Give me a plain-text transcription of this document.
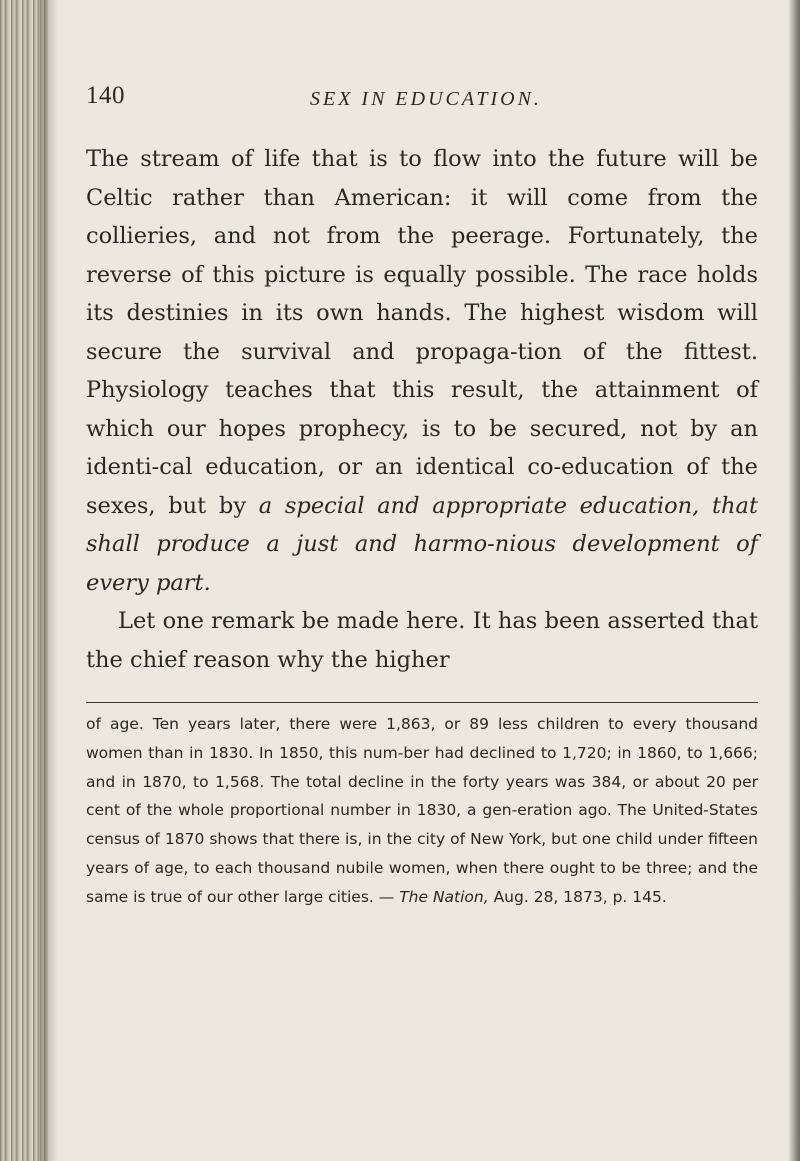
140	SEX IN EDUCATION.

The stream of life that is to flow into the future will be Celtic rather than American: it will come from the collieries, and not from the peerage. Fortunately, the reverse of this picture is equally possible. The race holds its destinies in its own hands. The highest wisdom will secure the survival and propaga-tion of the fittest. Physiology teaches that this result, the attainment of which our hopes prophecy, is to be secured, not by an identi-cal education, or an identical co-education of the sexes, but by a special and appropriate education, that shall produce a just and harmo-nious development of every part.

Let one remark be made here. It has been asserted that the chief reason why the higher

of age. Ten years later, there were 1,863, or 89 less children to every thousand women than in 1830. In 1850, this num-ber had declined to 1,720; in 1860, to 1,666; and in 1870, to 1,568. The total decline in the forty years was 384, or about 20 per cent of the whole proportional number in 1830, a gen-eration ago. The United-States census of 1870 shows that there is, in the city of New York, but one child under fifteen years of age, to each thousand nubile women, when there ought to be three; and the same is true of our other large cities. — The Nation, Aug. 28, 1873, p. 145.
